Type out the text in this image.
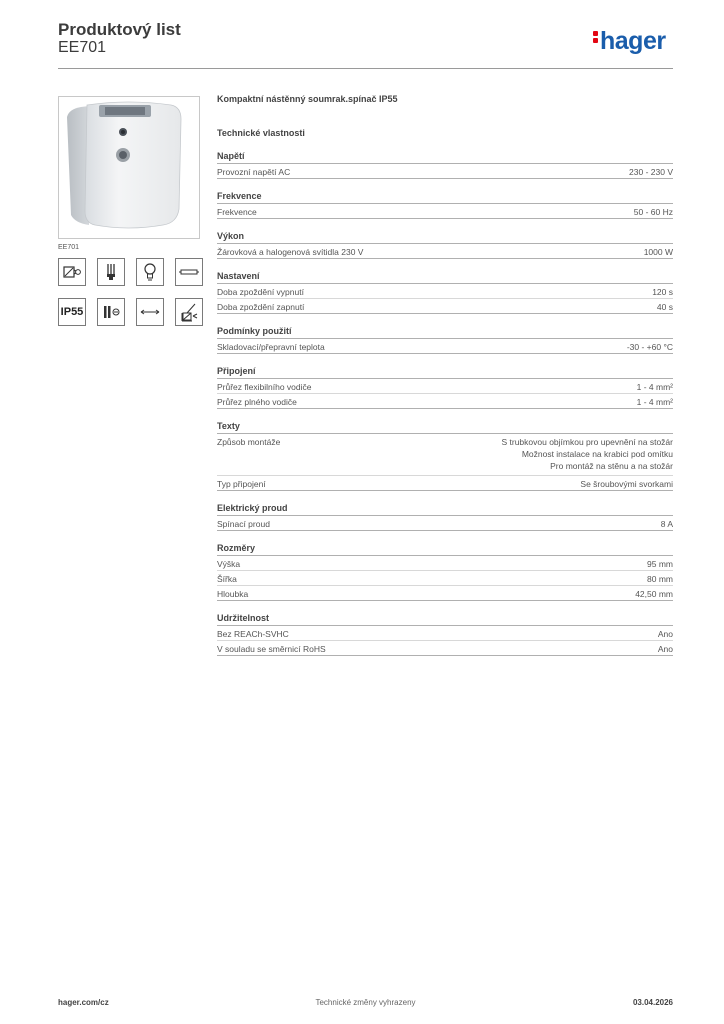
Produktový list
EE701	hager
EE701
IP55
Kompaktní nástěnný soumrak.spínač IP55
Technické vlastnosti
Napětí
Provozní napětí AC	230 - 230 V
Frekvence
Frekvence	50 - 60 Hz
Výkon
Žárovková a halogenová svítidla 230 V	1000 W
Nastavení
Doba zpoždění vypnutí	120 s
Doba zpoždění zapnutí	40 s
Podmínky použití
Skladovací/přepravní teplota	-30 - +60 °C
Připojení
Průřez flexibilního vodiče	1 - 4 mm²
Průřez plného vodiče	1 - 4 mm²
Texty
Způsob montáže	S trubkovou objímkou pro upevnění na stožár
Možnost instalace na krabici pod omítku
Pro montáž na stěnu a na stožár
Typ připojení	Se šroubovými svorkami
Elektrický proud
Spínací proud	8 A
Rozměry
Výška	95 mm
Šířka	80 mm
Hloubka	42,50 mm
Udržitelnost
Bez REACh-SVHC	Ano
V souladu se směrnicí RoHS	Ano
hager.com/cz	Technické změny vyhrazeny	03.04.2026
